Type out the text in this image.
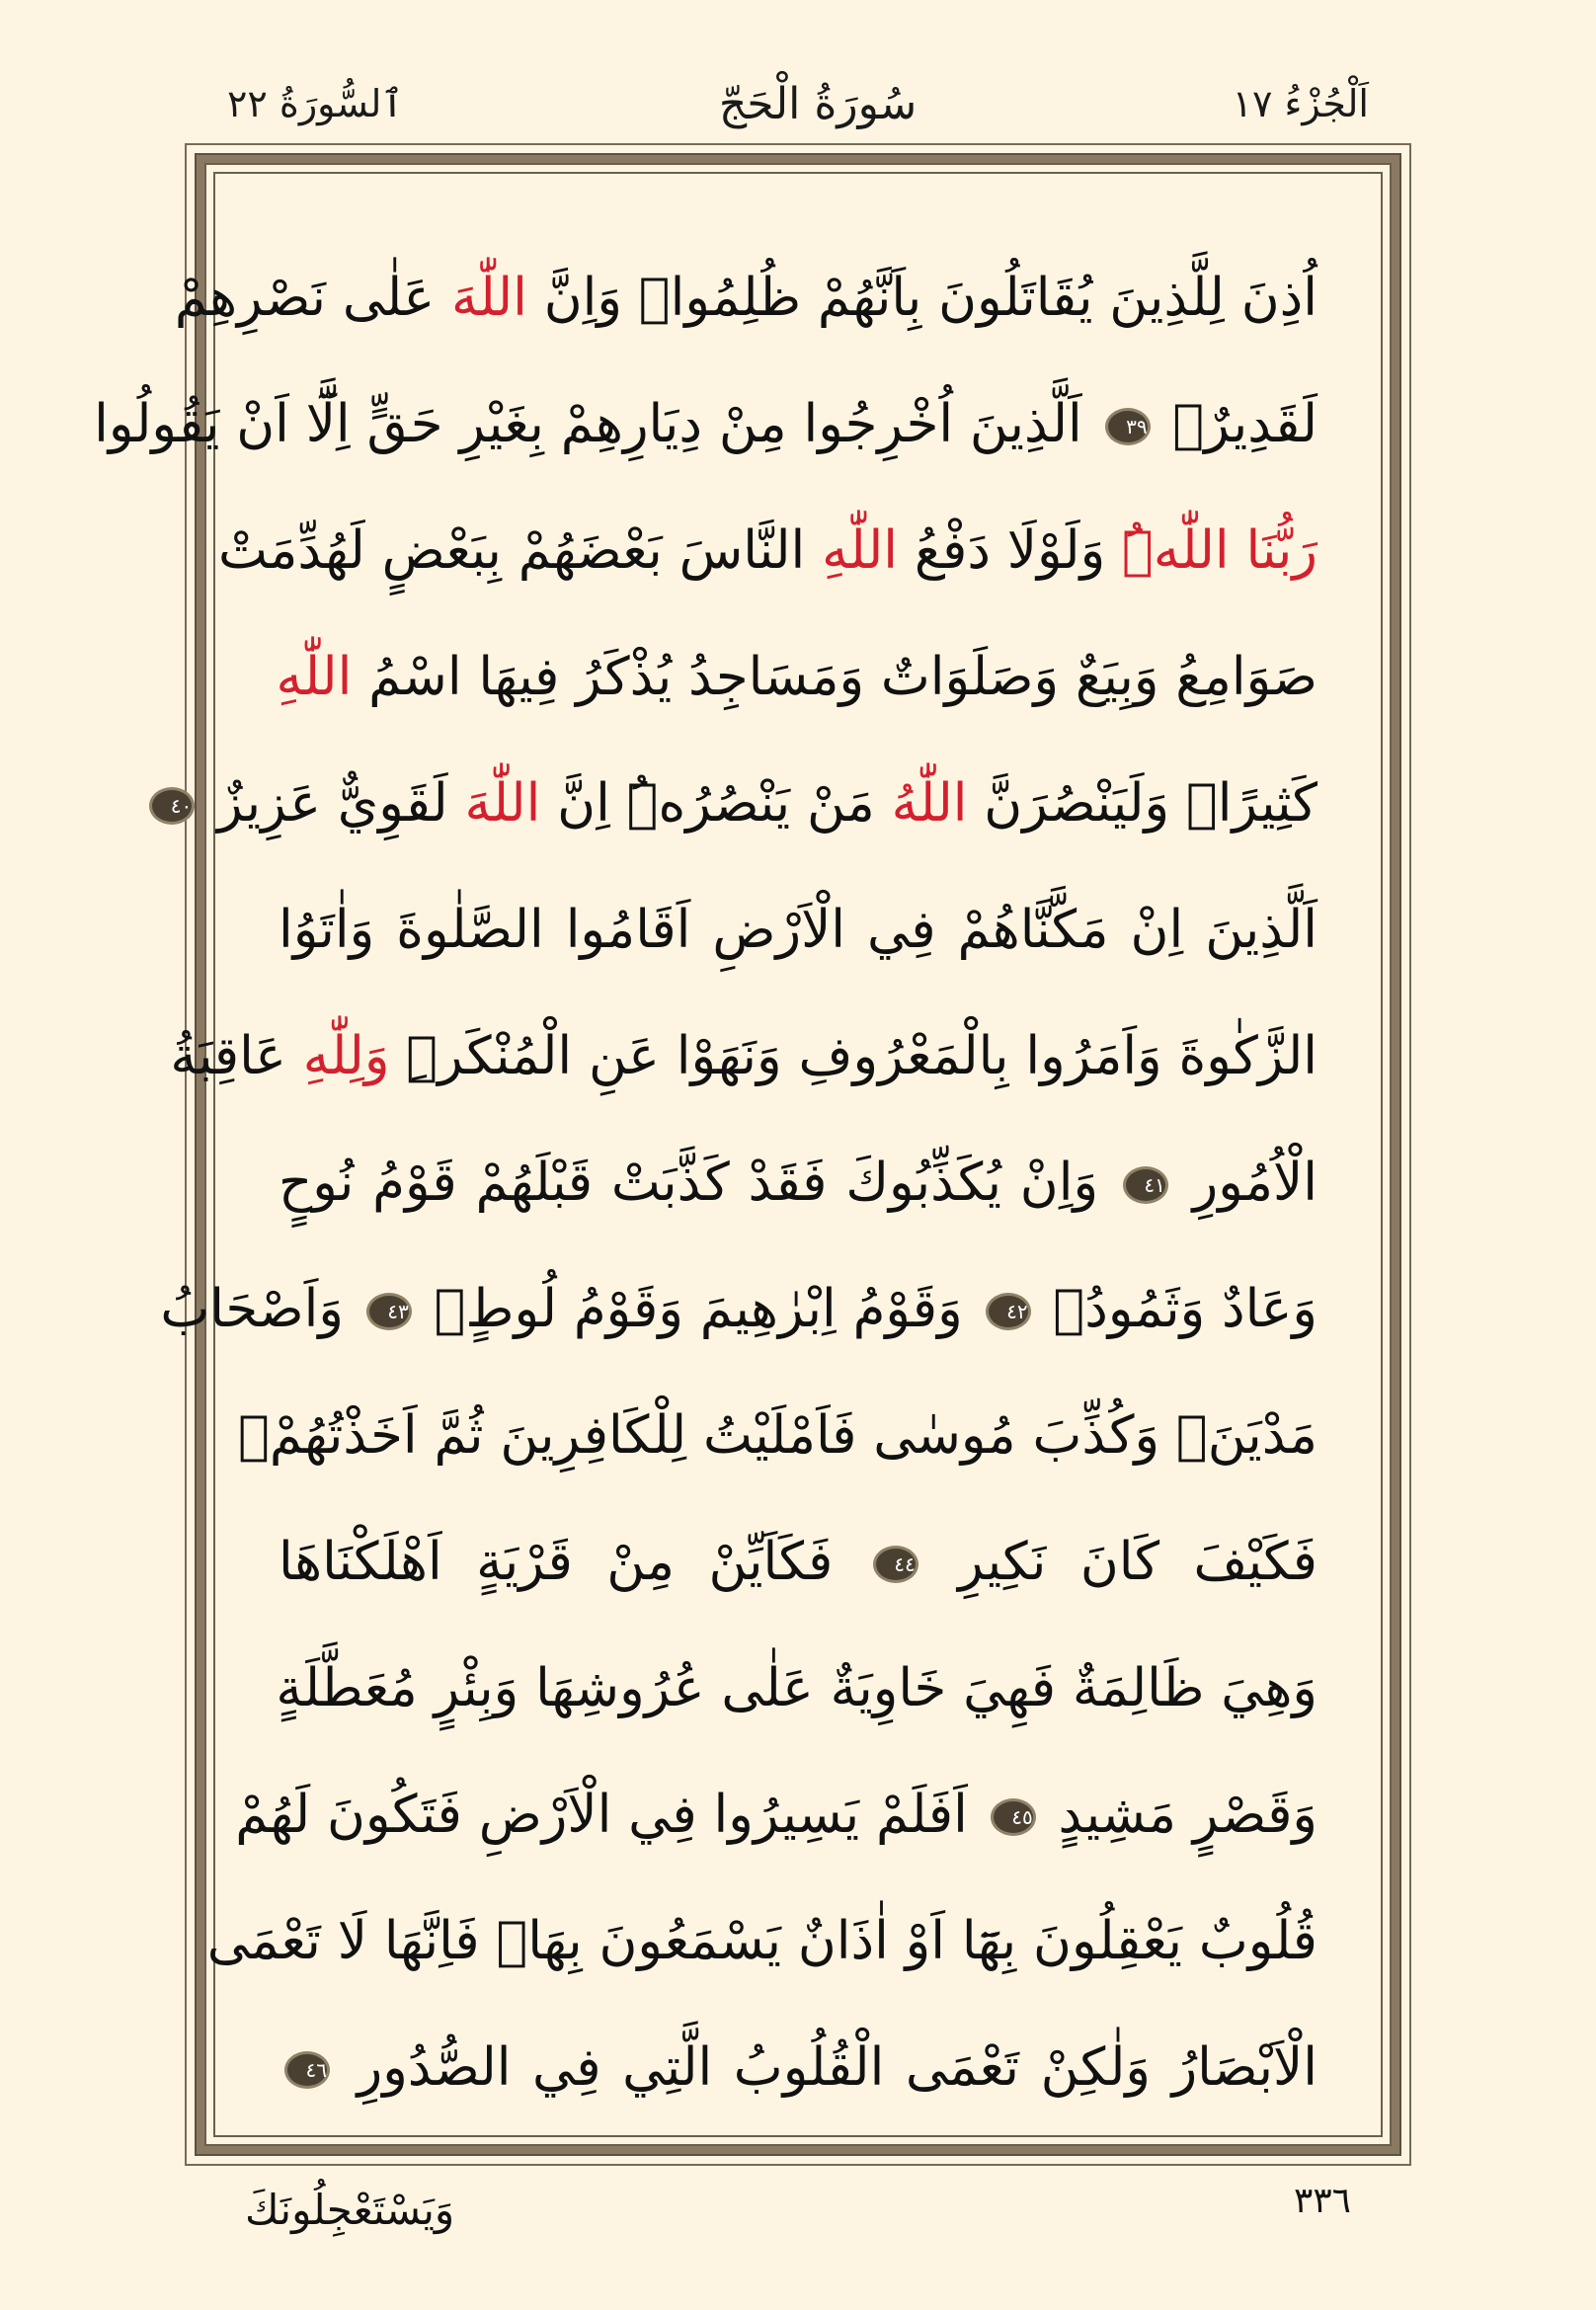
اَلْجُزْءُ ١٧
سُورَةُ الْحَجّ
ٱلسُّورَةُ ٢٢
اُذِنَ لِلَّذِينَ يُقَاتَلُونَ بِاَنَّهُمْ ظُلِمُواۜ وَاِنَّ اللّٰهَ عَلٰى نَصْرِهِمْ
لَقَدِيرٌۙ ٣٩ اَلَّذِينَ اُخْرِجُوا مِنْ دِيَارِهِمْ بِغَيْرِ حَقٍّ اِلَّٓا اَنْ يَقُولُوا
رَبُّنَا اللّٰهُۜ وَلَوْلَا دَفْعُ اللّٰهِ النَّاسَ بَعْضَهُمْ بِبَعْضٍ لَهُدِّمَتْ
صَوَامِعُ وَبِيَعٌ وَصَلَوَاتٌ وَمَسَاجِدُ يُذْكَرُ فِيهَا اسْمُ اللّٰهِ
كَثِيرًاۜ وَلَيَنْصُرَنَّ اللّٰهُ مَنْ يَنْصُرُهُۜ اِنَّ اللّٰهَ لَقَوِيٌّ عَزِيزٌ ٤٠
اَلَّذِينَ اِنْ مَكَّنَّاهُمْ فِي الْاَرْضِ اَقَامُوا الصَّلٰوةَ وَاٰتَوُا
الزَّكٰوةَ وَاَمَرُوا بِالْمَعْرُوفِ وَنَهَوْا عَنِ الْمُنْكَرِۜ وَلِلّٰهِ عَاقِبَةُ
الْاُمُورِ ٤١ وَاِنْ يُكَذِّبُوكَ فَقَدْ كَذَّبَتْ قَبْلَهُمْ قَوْمُ نُوحٍ
وَعَادٌ وَثَمُودُۙ ٤٢ وَقَوْمُ اِبْرٰهِيمَ وَقَوْمُ لُوطٍۙ ٤٣ وَاَصْحَابُ
مَدْيَنَۚ وَكُذِّبَ مُوسٰى فَاَمْلَيْتُ لِلْكَافِرِينَ ثُمَّ اَخَذْتُهُمْۚ
فَكَيْفَ كَانَ نَكِيرِ ٤٤ فَكَاَيِّنْ مِنْ قَرْيَةٍ اَهْلَكْنَاهَا
وَهِيَ ظَالِمَةٌ فَهِيَ خَاوِيَةٌ عَلٰى عُرُوشِهَا وَبِئْرٍ مُعَطَّلَةٍ
وَقَصْرٍ مَشِيدٍ ٤٥ اَفَلَمْ يَسِيرُوا فِي الْاَرْضِ فَتَكُونَ لَهُمْ
قُلُوبٌ يَعْقِلُونَ بِهَٓا اَوْ اٰذَانٌ يَسْمَعُونَ بِهَاۚ فَاِنَّهَا لَا تَعْمَى
الْاَبْصَارُ وَلٰكِنْ تَعْمَى الْقُلُوبُ الَّتِي فِي الصُّدُورِ ٤٦
وَيَسْتَعْجِلُونَكَ	٣٣٦
